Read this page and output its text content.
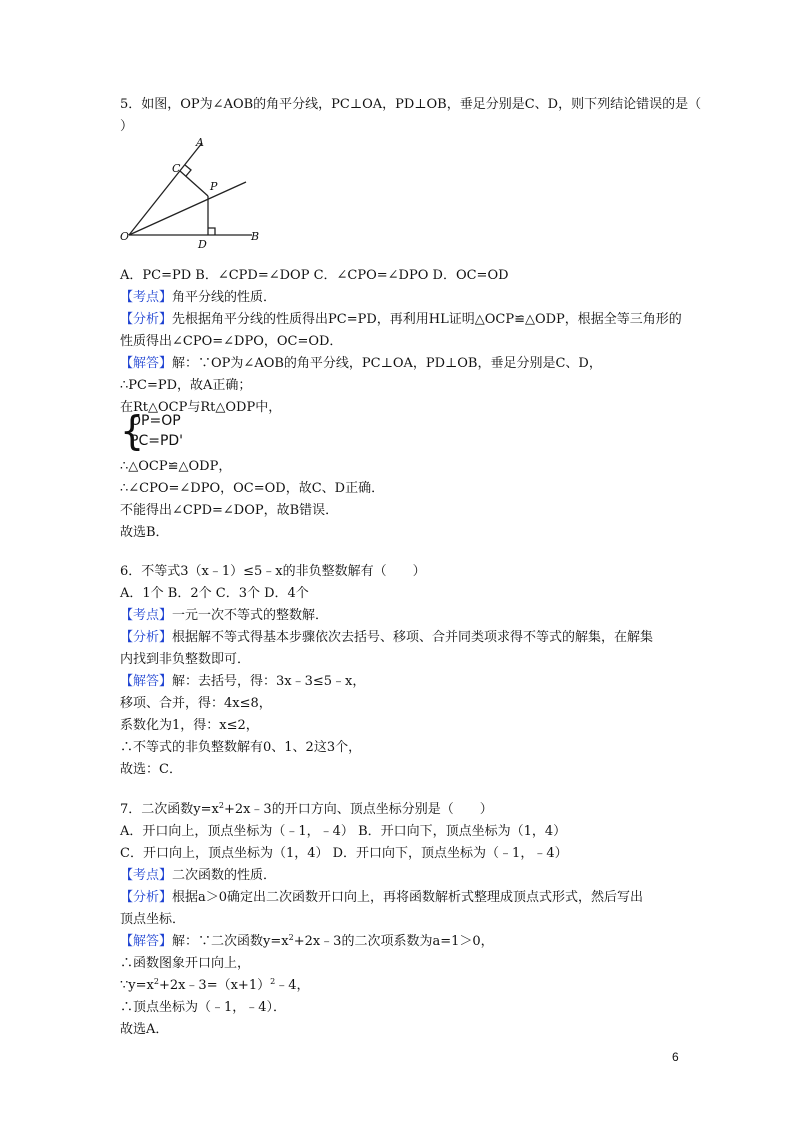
5．如图，OP为∠AOB的角平分线，PC⊥OA，PD⊥OB，垂足分别是C、D，则下列结论错误的是（
）
A
C
P
O
D
B
A．PC=PD B．∠CPD=∠DOP C．∠CPO=∠DPO D．OC=OD
【考点】角平分线的性质．
【分析】先根据角平分线的性质得出PC=PD，再利用HL证明△OCP≌△ODP，根据全等三角形的
性质得出∠CPO=∠DPO，OC=OD．
【解答】解：∵OP为∠AOB的角平分线，PC⊥OA，PD⊥OB，垂足分别是C、D，
∴PC=PD，故A正确；
在Rt△OCP与Rt△ODP中，
{
OP=OP
PC=PD'
∴△OCP≌△ODP，
∴∠CPO=∠DPO，OC=OD，故C、D正确．
不能得出∠CPD=∠DOP，故B错误．
故选B．
6．不等式3（x﹣1）≤5﹣x的非负整数解有（　　）
A．1个 B．2个 C．3个 D．4个
【考点】一元一次不等式的整数解．
【分析】根据解不等式得基本步骤依次去括号、移项、合并同类项求得不等式的解集，在解集
内找到非负整数即可．
【解答】解：去括号，得：3x﹣3≤5﹣x，
移项、合并，得：4x≤8，
系数化为1，得：x≤2，
∴不等式的非负整数解有0、1、2这3个，
故选：C．
7．二次函数$y=x^2+2x﹣3$的开口方向、顶点坐标分别是（　　）
A．开口向上，顶点坐标为（﹣1，﹣4） B．开口向下，顶点坐标为（1，4）
C．开口向上，顶点坐标为（1，4） D．开口向下，顶点坐标为（﹣1，﹣4）
【考点】二次函数的性质．
【分析】根据a＞0确定出二次函数开口向上，再将函数解析式整理成顶点式形式，然后写出
顶点坐标．
【解答】解：∵二次函数$y=x^2+2x﹣3$的二次项系数为a=1＞0，
∴函数图象开口向上，
$\because y=x^2+2x﹣3=(x+1)^2﹣4$，
∴顶点坐标为（﹣1，﹣4）．
故选A．
6
